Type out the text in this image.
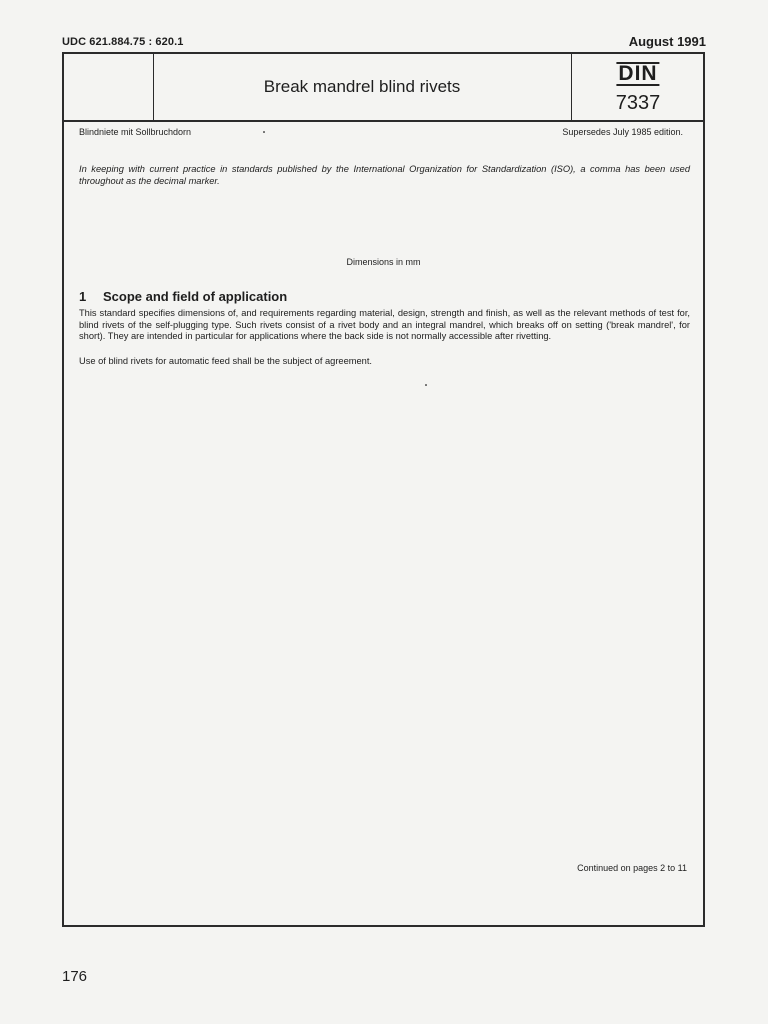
UDC 621.884.75 : 620.1	August 1991
Break mandrel blind rivets
DIN
7337
Blindniete mit Sollbruchdorn	Supersedes July 1985 edition.
In keeping with current practice in standards published by the International Organization for Standardization (ISO), a comma has been used throughout as the decimal marker.
Dimensions in mm
1 Scope and field of application

This standard specifies dimensions of, and requirements regarding material, design, strength and finish, as well as the relevant methods of test for, blind rivets of the self-plugging type. Such rivets consist of a rivet body and an integral mandrel, which breaks off on setting ('break mandrel', for short). They are intended in particular for applications where the back side is not normally accessible after rivetting.

Use of blind rivets for automatic feed shall be the subject of agreement.

Continued on pages 2 to 11
176
